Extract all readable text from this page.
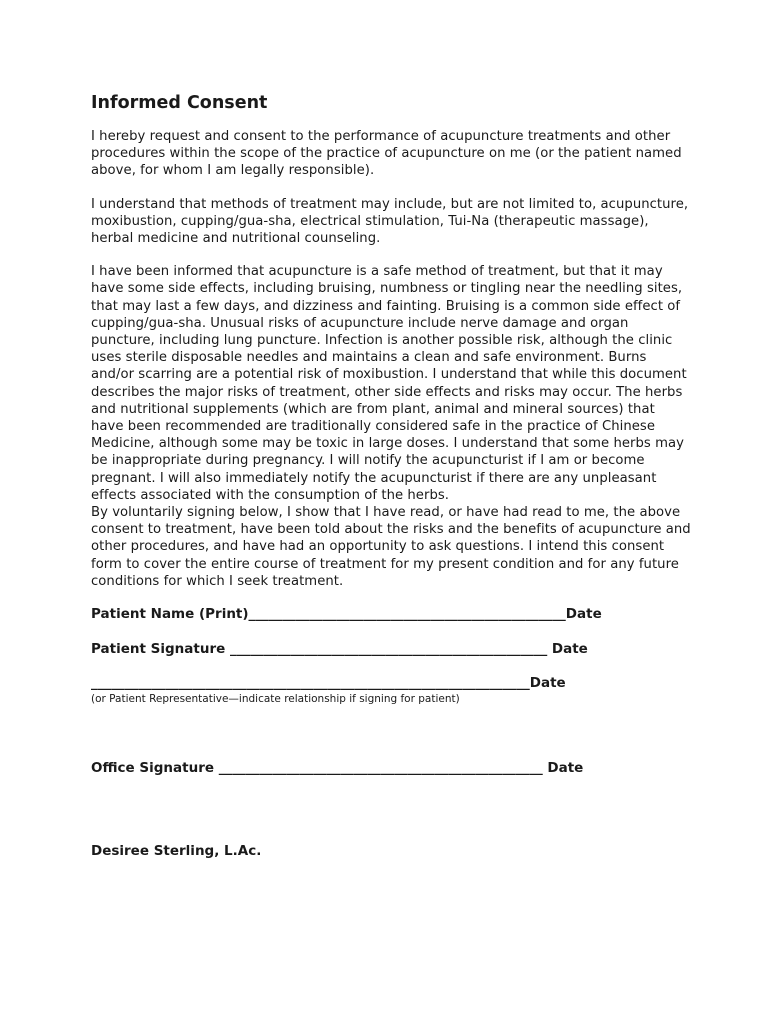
Informed Consent

I hereby request and consent to the performance of acupuncture treatments and other procedures within the scope of the practice of acupuncture on me (or the patient named above, for whom I am legally responsible).

I understand that methods of treatment may include, but are not limited to, acupuncture, moxibustion, cupping/gua-sha, electrical stimulation, Tui-Na (therapeutic massage), herbal medicine and nutritional counseling.

I have been informed that acupuncture is a safe method of treatment, but that it may have some side effects, including bruising, numbness or tingling near the needling sites, that may last a few days, and dizziness and fainting. Bruising is a common side effect of cupping/gua-sha. Unusual risks of acupuncture include nerve damage and organ puncture, including lung puncture. Infection is another possible risk, although the clinic uses sterile disposable needles and maintains a clean and safe environment. Burns and/or scarring are a potential risk of moxibustion. I understand that while this document describes the major risks of treatment, other side effects and risks may occur. The herbs and nutritional supplements (which are from plant, animal and mineral sources) that have been recommended are traditionally considered safe in the practice of Chinese Medicine, although some may be toxic in large doses. I understand that some herbs may be inappropriate during pregnancy. I will notify the acupuncturist if I am or become pregnant. I will also immediately notify the acupuncturist if there are any unpleasant effects associated with the consumption of the herbs.

By voluntarily signing below, I show that I have read, or have had read to me, the above consent to treatment, have been told about the risks and the benefits of acupuncture and other procedures, and have had an opportunity to ask questions. I intend this consent form to cover the entire course of treatment for my present condition and for any future conditions for which I seek treatment.

Patient Name (Print)_______________________________________________Date

Patient Signature _______________________________________________ Date

_________________________________________________________________Date

(or Patient Representative—indicate relationship if signing for patient)

Office Signature ________________________________________________ Date

Desiree Sterling, L.Ac.
